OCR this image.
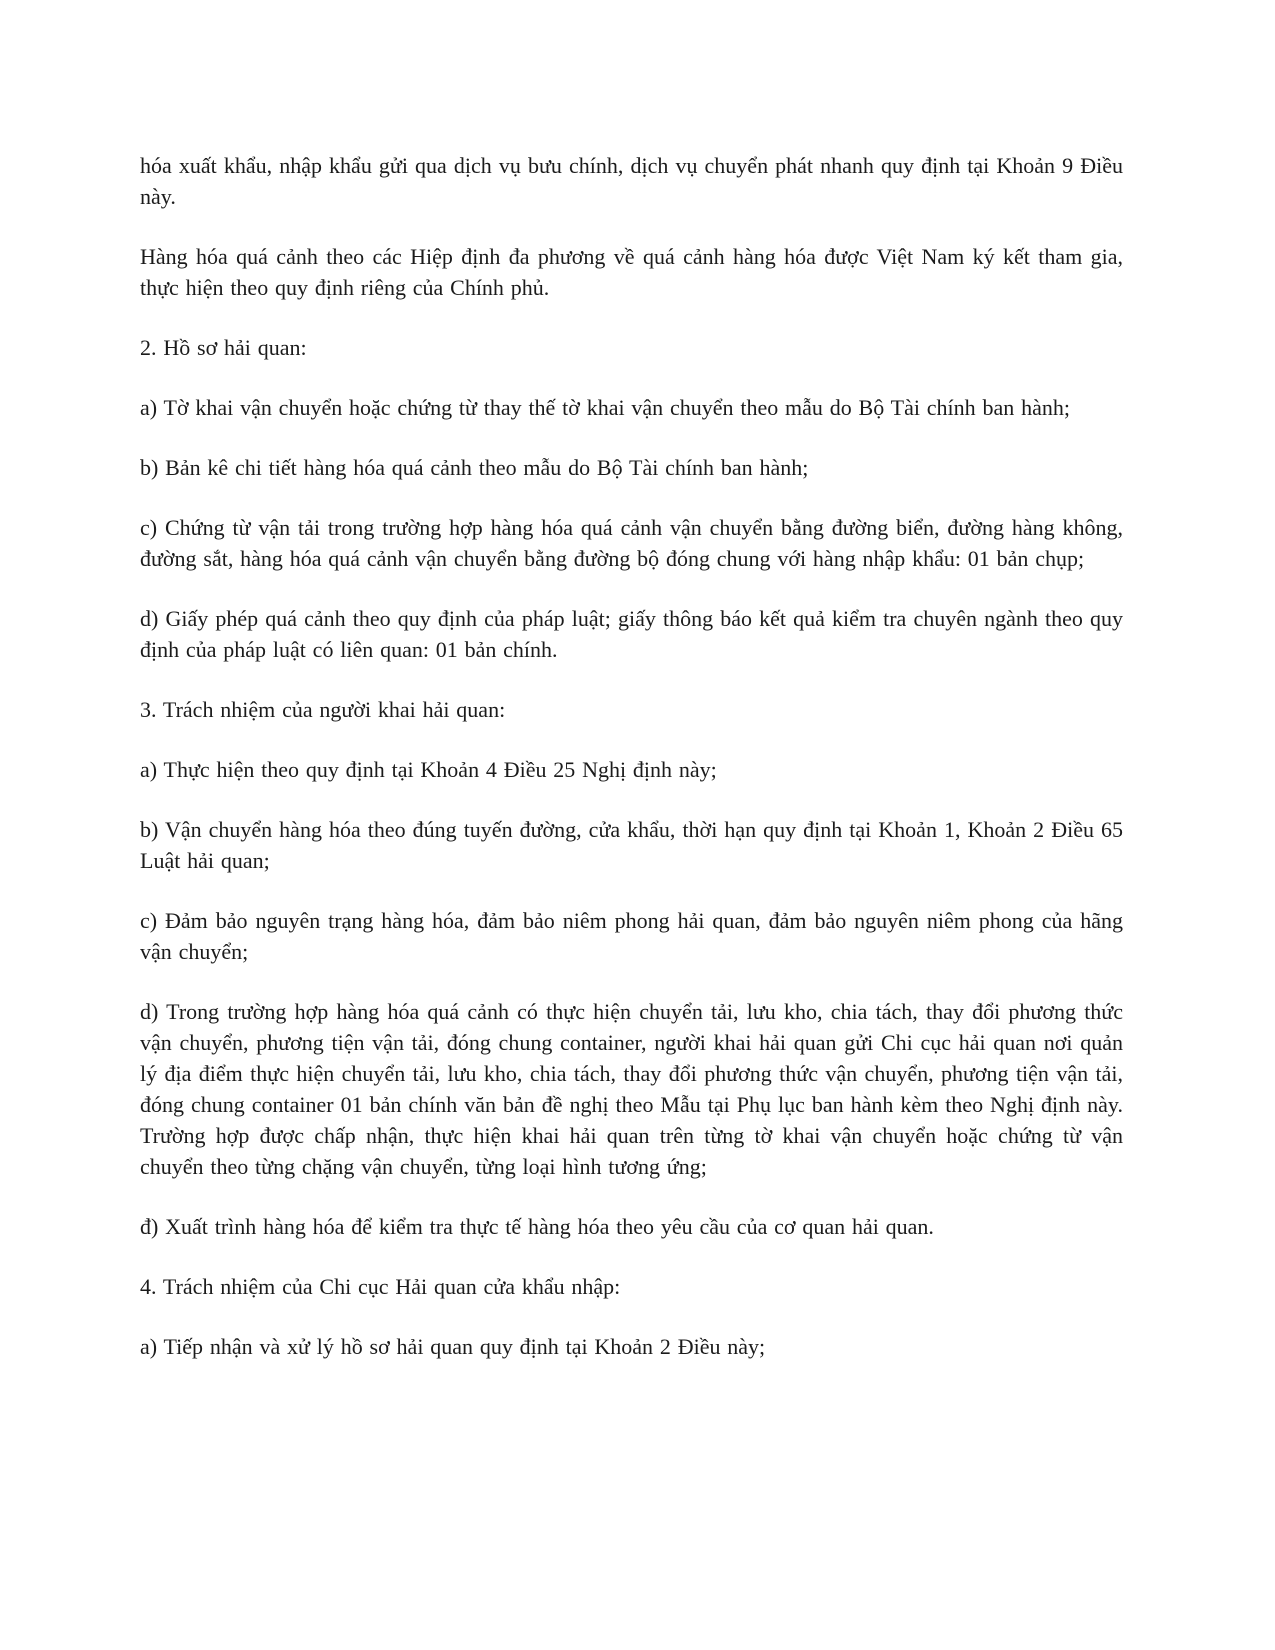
hóa xuất khẩu, nhập khẩu gửi qua dịch vụ bưu chính, dịch vụ chuyển phát nhanh quy định tại Khoản 9 Điều này.

Hàng hóa quá cảnh theo các Hiệp định đa phương về quá cảnh hàng hóa được Việt Nam ký kết tham gia, thực hiện theo quy định riêng của Chính phủ.

2. Hồ sơ hải quan:

a) Tờ khai vận chuyển hoặc chứng từ thay thế tờ khai vận chuyển theo mẫu do Bộ Tài chính ban hành;

b) Bản kê chi tiết hàng hóa quá cảnh theo mẫu do Bộ Tài chính ban hành;

c) Chứng từ vận tải trong trường hợp hàng hóa quá cảnh vận chuyển bằng đường biển, đường hàng không, đường sắt, hàng hóa quá cảnh vận chuyển bằng đường bộ đóng chung với hàng nhập khẩu: 01 bản chụp;

d) Giấy phép quá cảnh theo quy định của pháp luật; giấy thông báo kết quả kiểm tra chuyên ngành theo quy định của pháp luật có liên quan: 01 bản chính.

3. Trách nhiệm của người khai hải quan:

a) Thực hiện theo quy định tại Khoản 4 Điều 25 Nghị định này;

b) Vận chuyển hàng hóa theo đúng tuyến đường, cửa khẩu, thời hạn quy định tại Khoản 1, Khoản 2 Điều 65 Luật hải quan;

c) Đảm bảo nguyên trạng hàng hóa, đảm bảo niêm phong hải quan, đảm bảo nguyên niêm phong của hãng vận chuyển;

d) Trong trường hợp hàng hóa quá cảnh có thực hiện chuyển tải, lưu kho, chia tách, thay đổi phương thức vận chuyển, phương tiện vận tải, đóng chung container, người khai hải quan gửi Chi cục hải quan nơi quản lý địa điểm thực hiện chuyển tải, lưu kho, chia tách, thay đổi phương thức vận chuyển, phương tiện vận tải, đóng chung container 01 bản chính văn bản đề nghị theo Mẫu tại Phụ lục ban hành kèm theo Nghị định này. Trường hợp được chấp nhận, thực hiện khai hải quan trên từng tờ khai vận chuyển hoặc chứng từ vận chuyển theo từng chặng vận chuyển, từng loại hình tương ứng;

đ) Xuất trình hàng hóa để kiểm tra thực tế hàng hóa theo yêu cầu của cơ quan hải quan.

4. Trách nhiệm của Chi cục Hải quan cửa khẩu nhập:

a) Tiếp nhận và xử lý hồ sơ hải quan quy định tại Khoản 2 Điều này;
